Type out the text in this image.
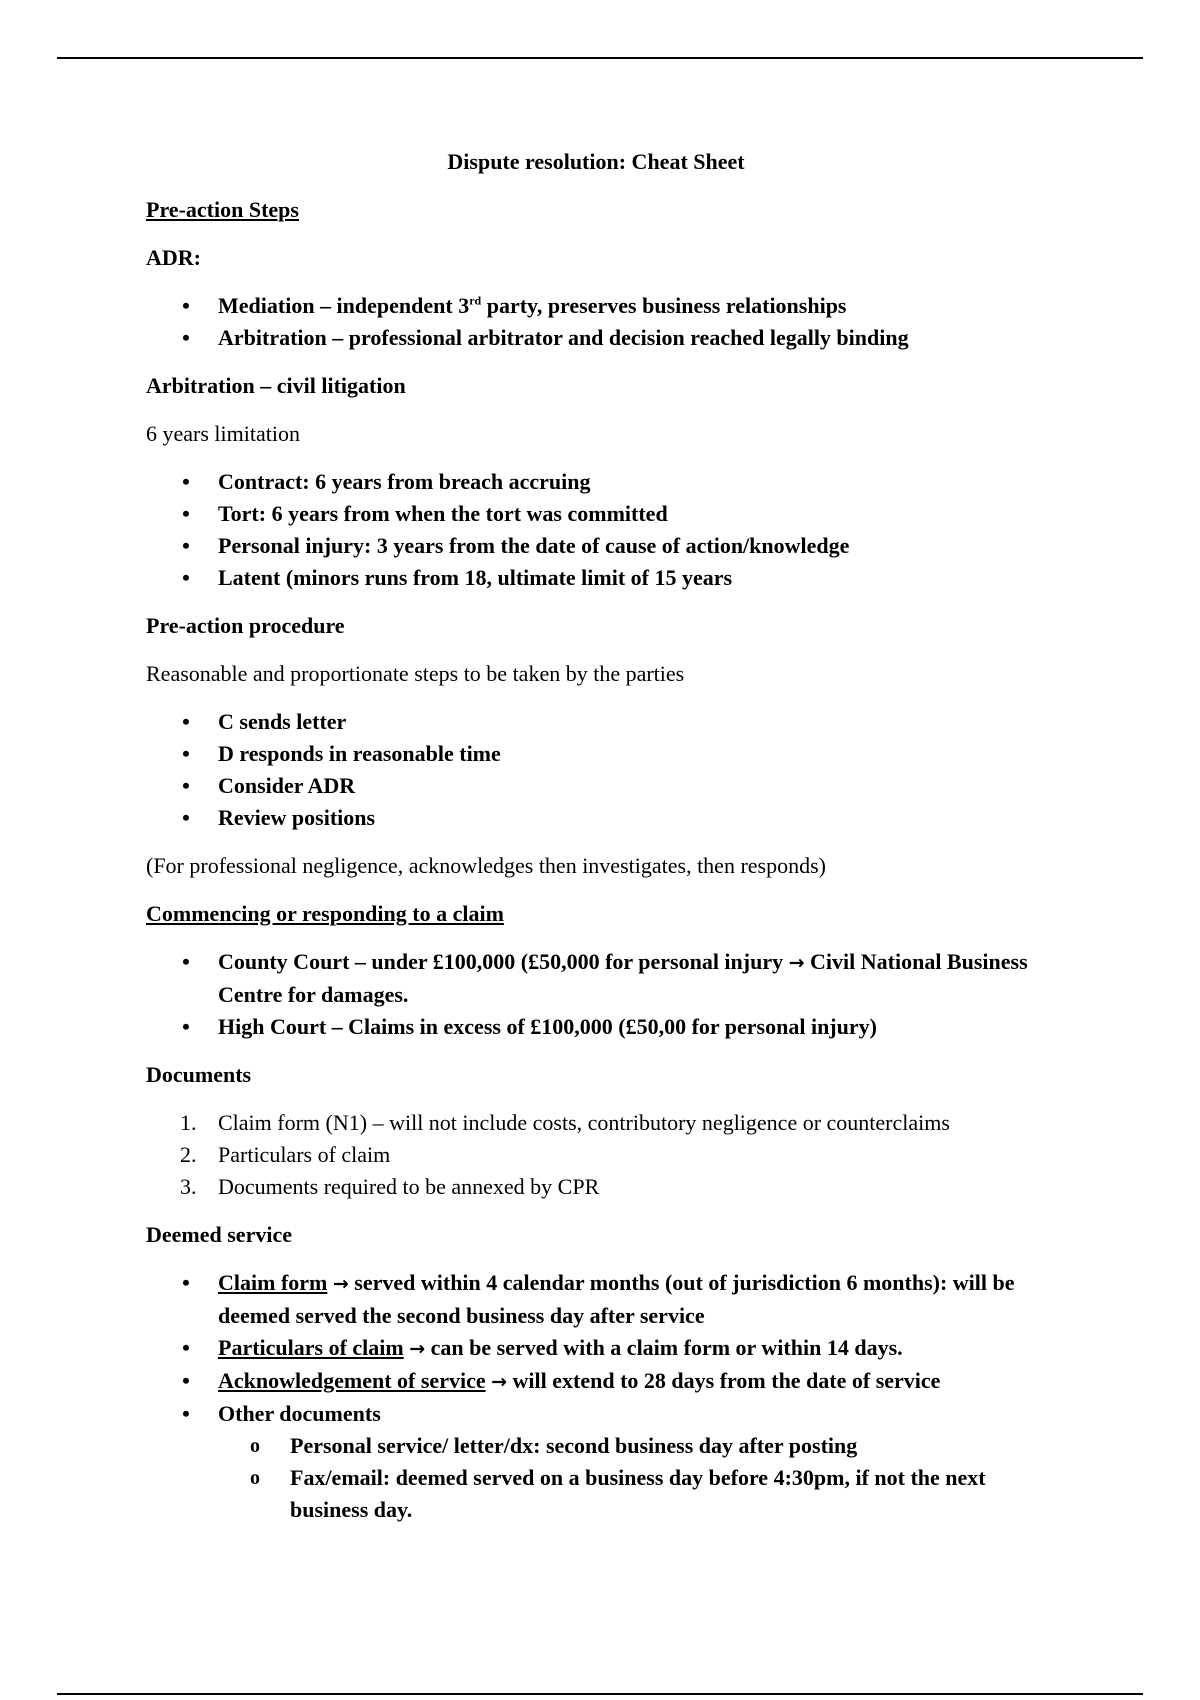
Dispute resolution: Cheat Sheet
Pre-action Steps
ADR:
• Mediation – independent 3rd party, preserves business relationships
• Arbitration – professional arbitrator and decision reached legally binding
Arbitration – civil litigation
6 years limitation
• Contract: 6 years from breach accruing
• Tort: 6 years from when the tort was committed
• Personal injury: 3 years from the date of cause of action/knowledge
• Latent (minors runs from 18, ultimate limit of 15 years
Pre-action procedure
Reasonable and proportionate steps to be taken by the parties
• C sends letter
• D responds in reasonable time
• Consider ADR
• Review positions
(For professional negligence, acknowledges then investigates, then responds)
Commencing or responding to a claim
• County Court – under £100,000 (£50,000 for personal injury → Civil National Business Centre for damages.
• High Court – Claims in excess of £100,000 (£50,00 for personal injury)
Documents
1. Claim form (N1) – will not include costs, contributory negligence or counterclaims
2. Particulars of claim
3. Documents required to be annexed by CPR
Deemed service
• Claim form → served within 4 calendar months (out of jurisdiction 6 months): will be deemed served the second business day after service
• Particulars of claim → can be served with a claim form or within 14 days.
• Acknowledgement of service → will extend to 28 days from the date of service
• Other documents
o Personal service/ letter/dx: second business day after posting
o Fax/email: deemed served on a business day before 4:30pm, if not the next business day.
